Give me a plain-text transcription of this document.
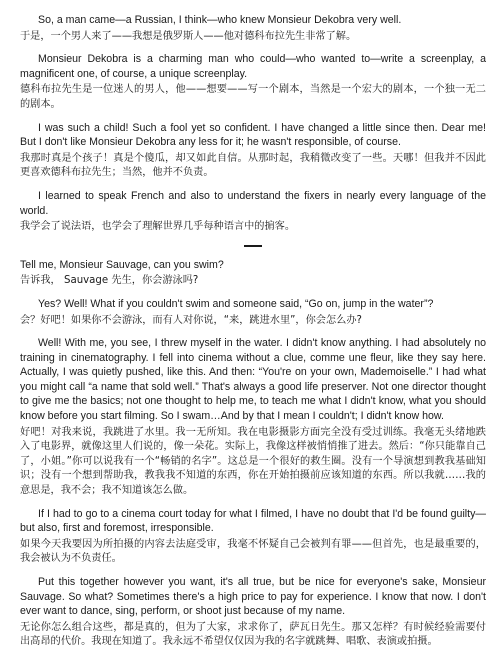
So, a man came—a Russian, I think—who knew Monsieur Dekobra very well.

于是，一个男人来了——我想是俄罗斯人——他对德科布拉先生非常了解。

Monsieur Dekobra is a charming man who could—who wanted to—write a screenplay, a magnificent one, of course, a unique screenplay.

德科布拉先生是一位迷人的男人，他——想要——写一个剧本，当然是一个宏大的剧本，一个独一无二的剧本。

I was such a child! Such a fool yet so confident. I have changed a little since then. Dear me! But I don't like Monsieur Dekobra any less for it; he wasn't responsible, of course.

我那时真是个孩子！真是个傻瓜，却又如此自信。从那时起，我稍微改变了一些。天哪！但我并不因此更喜欢德科布拉先生；当然，他并不负责。

I learned to speak French and also to understand the fixers in nearly every language of the world.

我学会了说法语，也学会了理解世界几乎每种语言中的掮客。

Tell me, Monsieur Sauvage, can you swim?

告诉我， Sauvage 先生，你会游泳吗?

Yes? Well! What if you couldn't swim and someone said, “Go on, jump in the water”?

会？好吧！如果你不会游泳，而有人对你说，“来，跳进水里”，你会怎么办?

Well! With me, you see, I threw myself in the water. I didn't know anything. I had absolutely no training in cinematography. I fell into cinema without a clue, comme une fleur, like they say here. Actually, I was quietly pushed, like this. And then: “You're on your own, Mademoiselle.” I had what you might call “a name that sold well.” That's always a good life preserver. Not one director thought to give me the basics; not one thought to help me, to teach me what I didn't know, what you should know before you start filming. So I swam…And by that I mean I couldn't; I didn't know how.

好吧！对我来说，我跳进了水里。我一无所知。我在电影摄影方面完全没有受过训练。我毫无头绪地跌入了电影界，就像这里人们说的，像一朵花。实际上，我像这样被悄悄推了进去。然后：“你只能靠自己了，小姐。”你可以说我有一个“畅销的名字”。这总是一个很好的救生圈。没有一个导演想到教我基础知识；没有一个想到帮助我，教我我不知道的东西，你在开始拍摄前应该知道的东西。所以我就……我的意思是，我不会；我不知道该怎么做。

If I had to go to a cinema court today for what I filmed, I have no doubt that I'd be found guilty—but also, first and foremost, irresponsible.

如果今天我要因为所拍摄的内容去法庭受审，我毫不怀疑自己会被判有罪——但首先，也是最重要的，我会被认为不负责任。

Put this together however you want, it's all true, but be nice for everyone's sake, Monsieur Sauvage. So what? Sometimes there's a high price to pay for experience. I know that now. I don't ever want to dance, sing, perform, or shoot just because of my name.

无论你怎么组合这些，都是真的，但为了大家，求求你了，萨瓦日先生。那又怎样？有时候经验需要付出高昂的代价。我现在知道了。我永远不希望仅仅因为我的名字就跳舞、唱歌、表演或拍摄。
